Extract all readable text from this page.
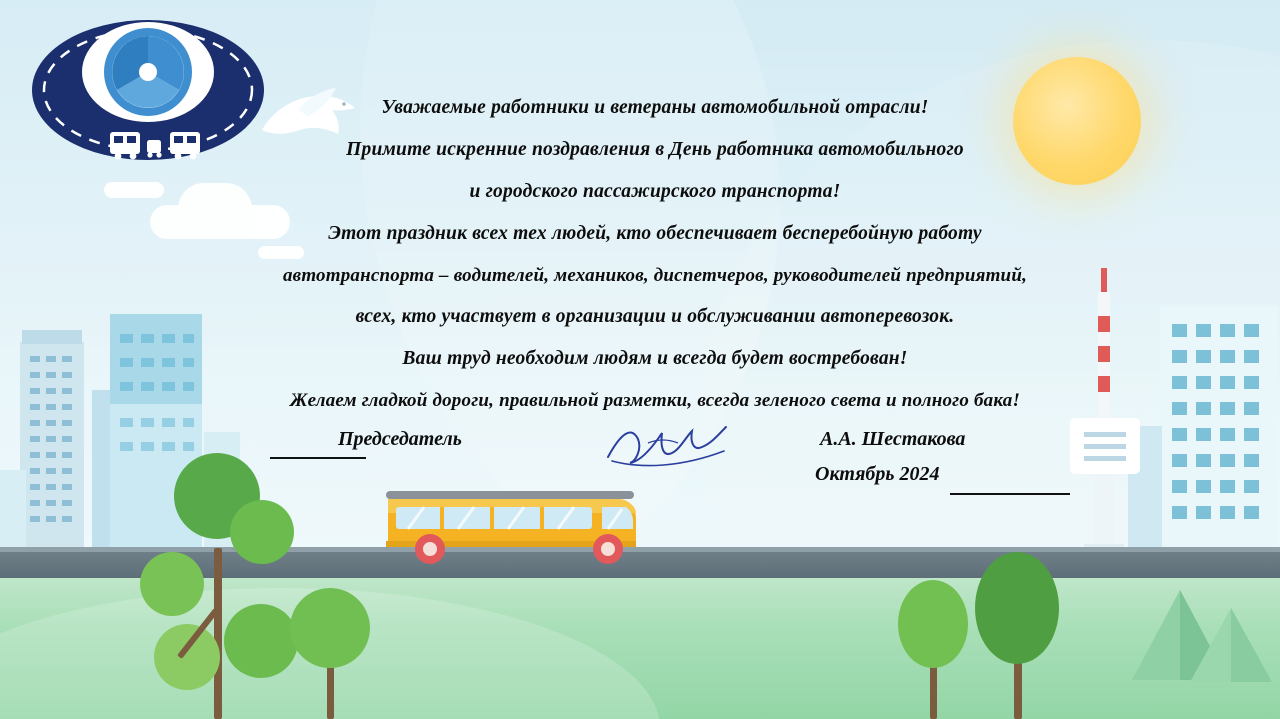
Уважаемые работники и ветераны автомобильной отрасли!

Примите искренние поздравления в День работника автомобильного

и городского пассажирского транспорта!

Этот праздник всех тех людей, кто обеспечивает бесперебойную работу

автотранспорта – водителей, механиков, диспетчеров, руководителей предприятий,

всех, кто участвует в организации и обслуживании автоперевозок.

Ваш труд необходим людям и всегда будет востребован!

Желаем гладкой дороги, правильной разметки, всегда зеленого света и полного бака!

Председатель	А.А. Шестакова
Октябрь 2024
